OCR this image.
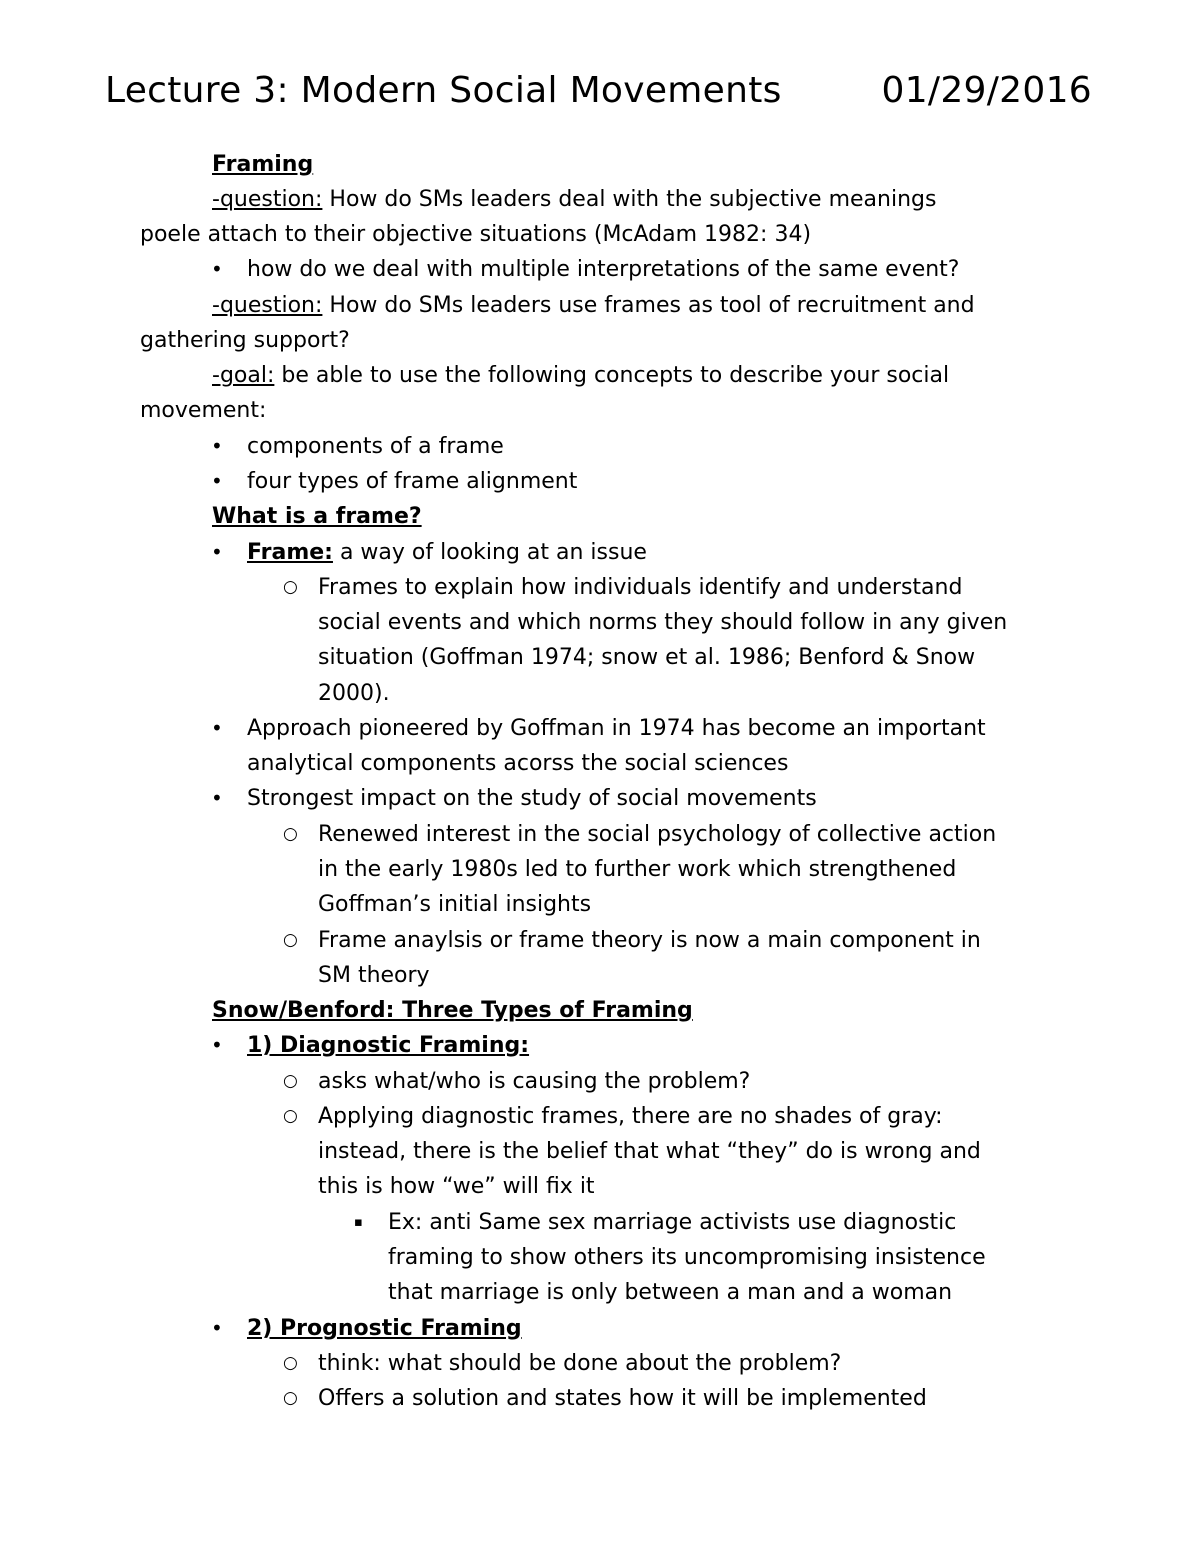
Lecture 3: Modern Social Movements	01/29/2016
Framing
-question: How do SMs leaders deal with the subjective meanings
poele attach to their objective situations (McAdam 1982: 34)
• how do we deal with multiple interpretations of the same event?
-question: How do SMs leaders use frames as tool of recruitment and
gathering support?
-goal: be able to use the following concepts to describe your social
movement:
• components of a frame
• four types of frame alignment
What is a frame?
• Frame: a way of looking at an issue
○ Frames to explain how individuals identify and understand
social events and which norms they should follow in any given
situation (Goffman 1974; snow et al. 1986; Benford & Snow
2000).
• Approach pioneered by Goffman in 1974 has become an important
analytical components acorss the social sciences
• Strongest impact on the study of social movements
○ Renewed interest in the social psychology of collective action
in the early 1980s led to further work which strengthened
Goffman’s initial insights
○ Frame anaylsis or frame theory is now a main component in
SM theory
Snow/Benford: Three Types of Framing
• 1) Diagnostic Framing:
○ asks what/who is causing the problem?
○ Applying diagnostic frames, there are no shades of gray:
instead, there is the belief that what “they” do is wrong and
this is how “we” will fix it
▪ Ex: anti Same sex marriage activists use diagnostic
framing to show others its uncompromising insistence
that marriage is only between a man and a woman
• 2) Prognostic Framing
○ think: what should be done about the problem?
○ Offers a solution and states how it will be implemented
